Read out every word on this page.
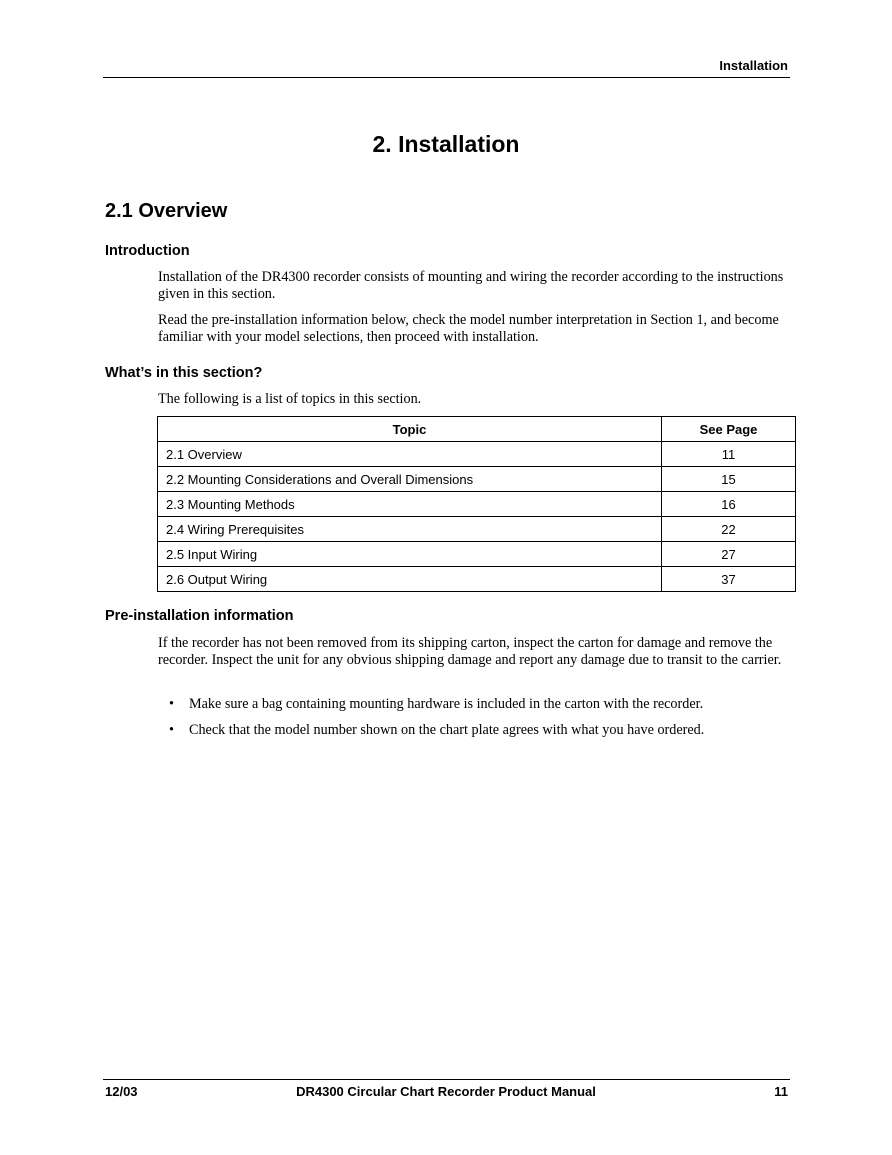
Installation
2. Installation
2.1 Overview
Introduction
Installation of the DR4300 recorder consists of mounting and wiring the recorder according to the instructions given in this section.
Read the pre-installation information below, check the model number interpretation in Section 1, and become familiar with your model selections, then proceed with installation.
What’s in this section?
The following is a list of topics in this section.
Topic	See Page
2.1 Overview	11
2.2 Mounting Considerations and Overall Dimensions	15
2.3 Mounting Methods	16
2.4 Wiring Prerequisites	22
2.5 Input Wiring	27
2.6 Output Wiring	37
Pre-installation information
If the recorder has not been removed from its shipping carton, inspect the carton for damage and remove the recorder. Inspect the unit for any obvious shipping damage and report any damage due to transit to the carrier.
• Make sure a bag containing mounting hardware is included in the carton with the recorder.
• Check that the model number shown on the chart plate agrees with what you have ordered.
12/03	DR4300 Circular Chart Recorder Product Manual	11
